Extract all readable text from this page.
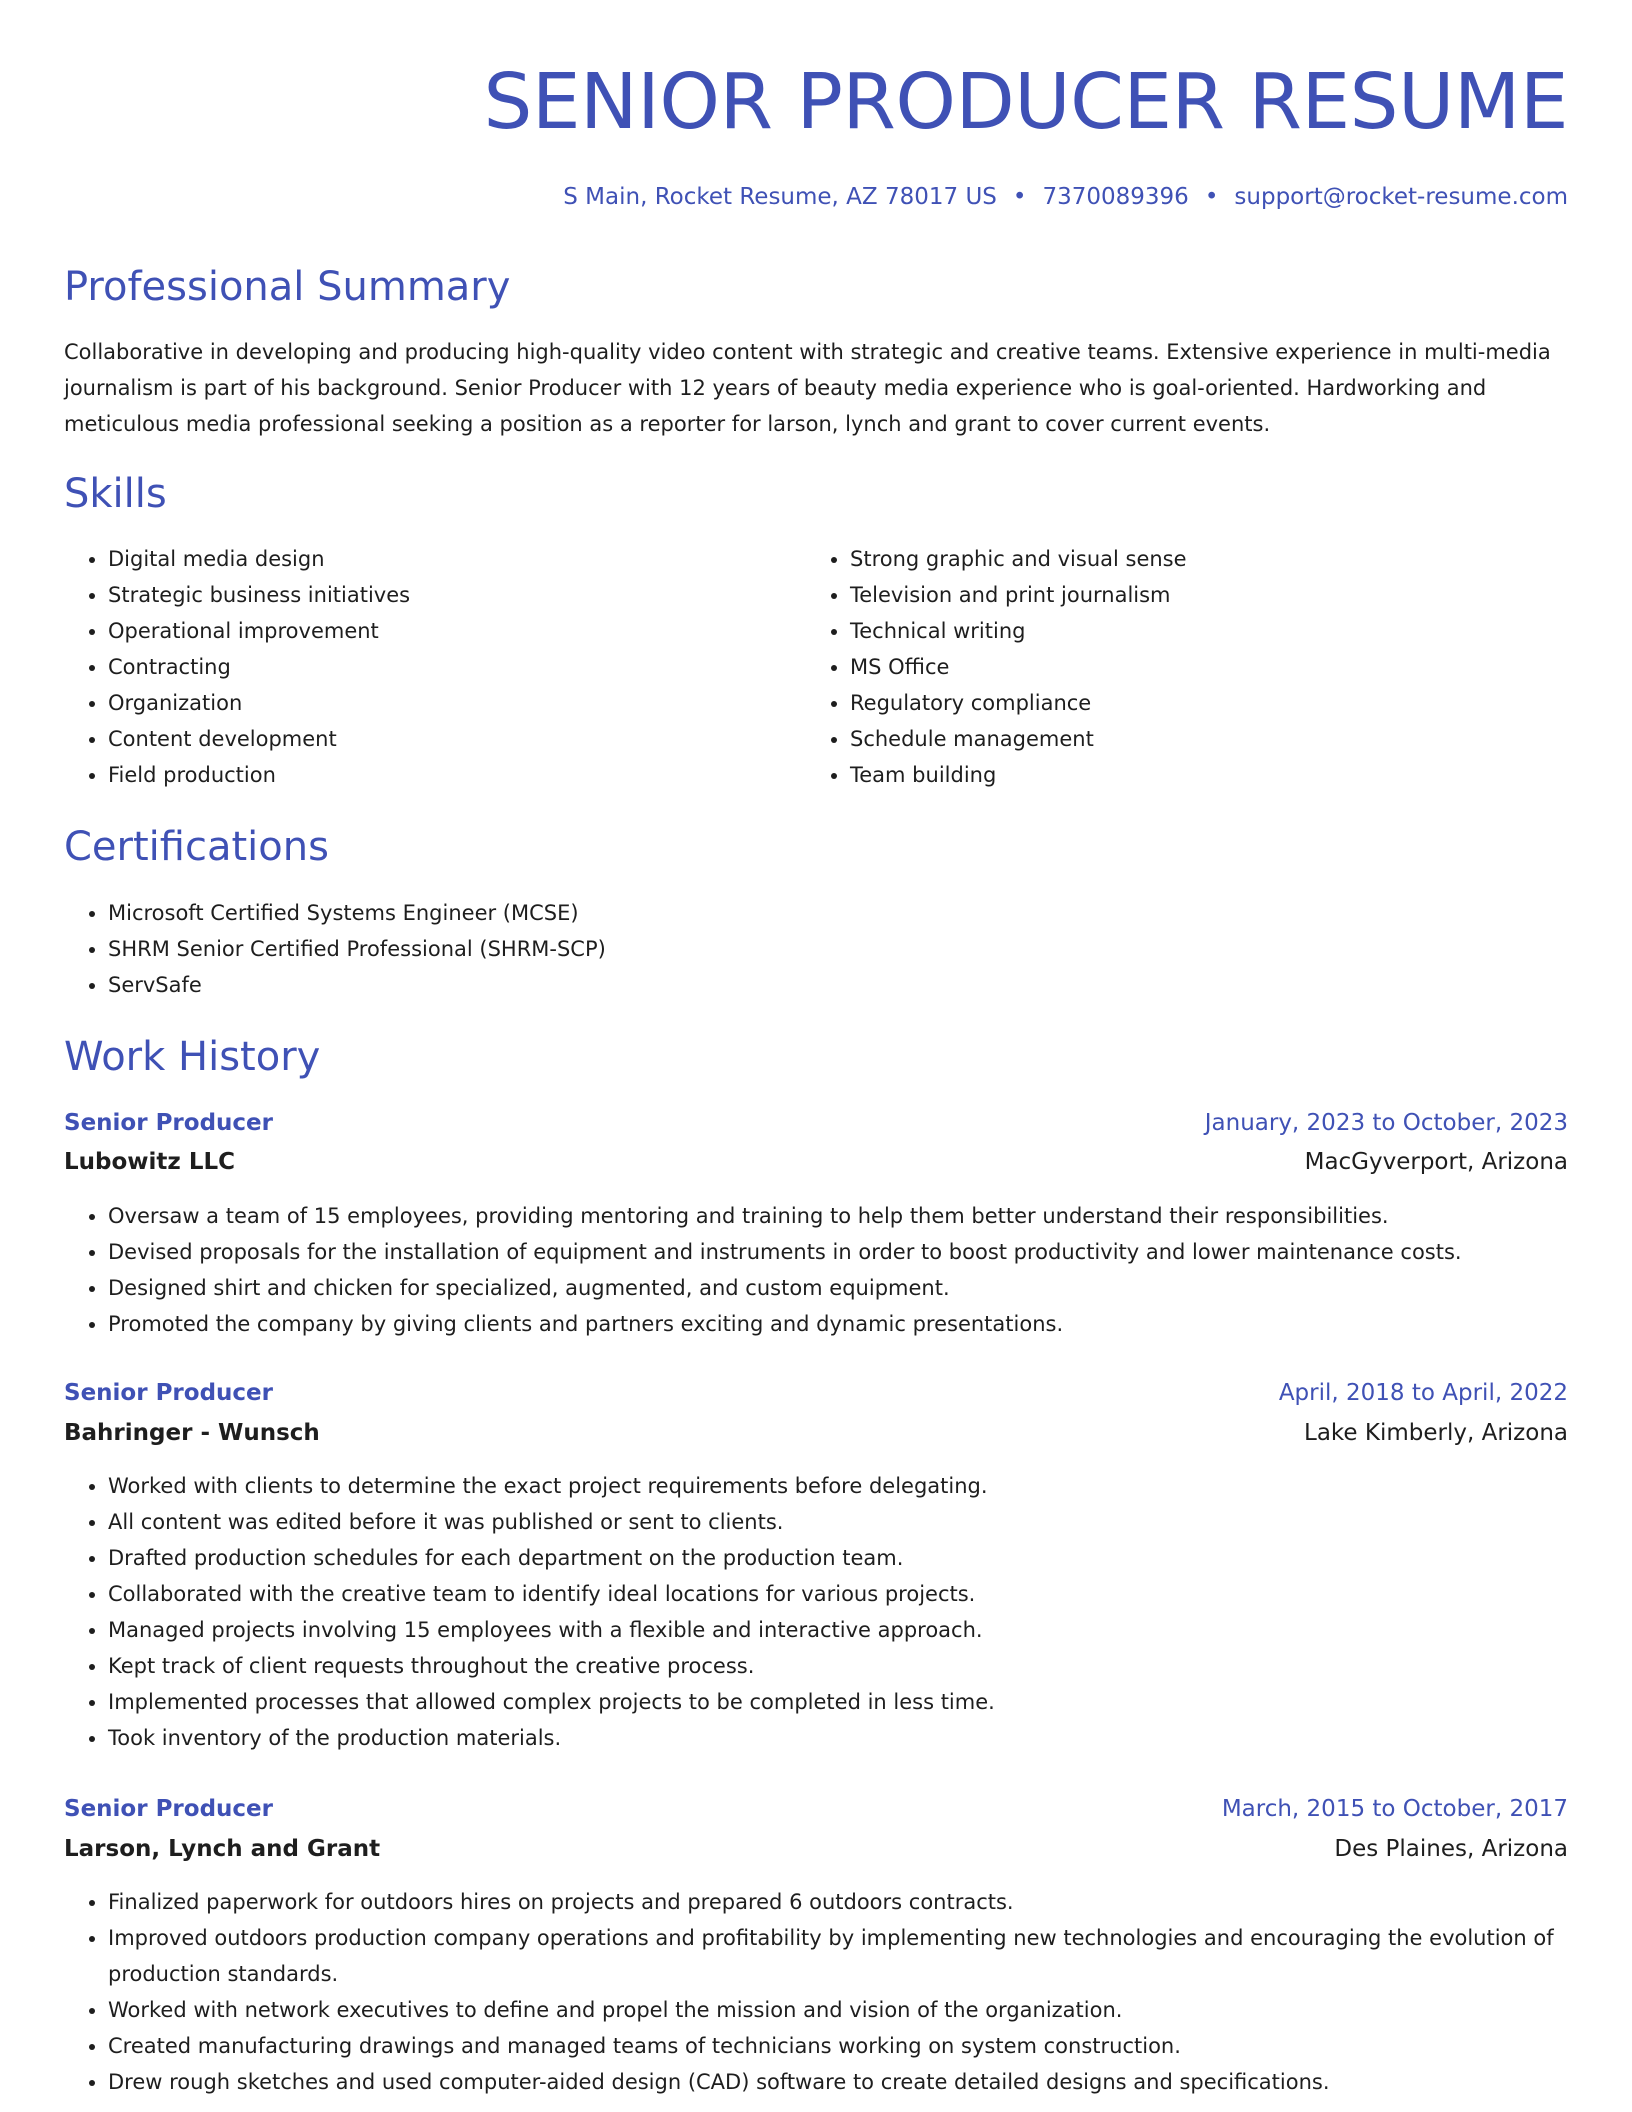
SENIOR PRODUCER RESUME

S Main, Rocket Resume, AZ 78017 US • 7370089396 • support@rocket-resume.com

Professional Summary

Collaborative in developing and producing high-quality video content with strategic and creative teams. Extensive experience in multi-media journalism is part of his background. Senior Producer with 12 years of beauty media experience who is goal-oriented. Hardworking and meticulous media professional seeking a position as a reporter for larson, lynch and grant to cover current events.

Skills
• Digital media design
• Strategic business initiatives
• Operational improvement
• Contracting
• Organization
• Content development
• Field production
• Strong graphic and visual sense
• Television and print journalism
• Technical writing
• MS Office
• Regulatory compliance
• Schedule management
• Team building
Certifications
• Microsoft Certified Systems Engineer (MCSE)
• SHRM Senior Certified Professional (SHRM-SCP)
• ServSafe
Work History

Senior Producer	January, 2023 to October, 2023

Lubowitz LLC	MacGyverport, Arizona

• Oversaw a team of 15 employees, providing mentoring and training to help them better understand their responsibilities.
• Devised proposals for the installation of equipment and instruments in order to boost productivity and lower maintenance costs.
• Designed shirt and chicken for specialized, augmented, and custom equipment.
• Promoted the company by giving clients and partners exciting and dynamic presentations.

Senior Producer	April, 2018 to April, 2022

Bahringer - Wunsch	Lake Kimberly, Arizona

• Worked with clients to determine the exact project requirements before delegating.
• All content was edited before it was published or sent to clients.
• Drafted production schedules for each department on the production team.
• Collaborated with the creative team to identify ideal locations for various projects.
• Managed projects involving 15 employees with a flexible and interactive approach.
• Kept track of client requests throughout the creative process.
• Implemented processes that allowed complex projects to be completed in less time.
• Took inventory of the production materials.

Senior Producer	March, 2015 to October, 2017

Larson, Lynch and Grant	Des Plaines, Arizona

• Finalized paperwork for outdoors hires on projects and prepared 6 outdoors contracts.
• Improved outdoors production company operations and profitability by implementing new technologies and encouraging the evolution of production standards.
• Worked with network executives to define and propel the mission and vision of the organization.
• Created manufacturing drawings and managed teams of technicians working on system construction.
• Drew rough sketches and used computer-aided design (CAD) software to create detailed designs and specifications.
